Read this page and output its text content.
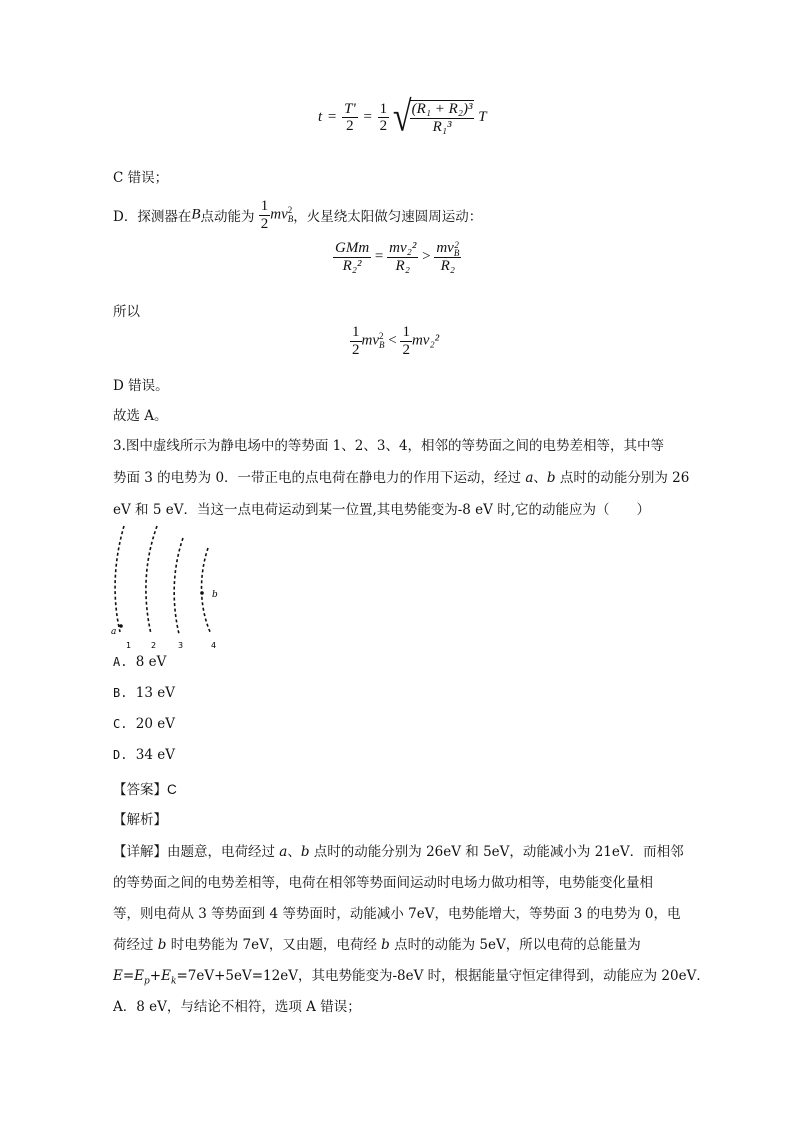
$t = \frac{T'}{2} = \frac{1}{2}$ √
$\frac{\text{(R₁ + R₂)³}}{\text{R₁³}}$ T
C 错误；
D．探测器在B点动能为 $\frac{1}{2}$ mv 2
B ，火星绕太阳做匀速圆周运动：
$\frac{\text{GMm}}{\text{R₂²}} = \frac{\text{mv₂²}}{\text{R₂}}$ > mv 2
B
R₂
所以
$\frac{1}{2}$ mv 2
$B < \frac{1}{2} mv_2^2$
D 错误。
故选 A。
3.图中虚线所示为静电场中的等势面 1、2、3、4，相邻的等势面之间的电势差相等，其中等
势面 3 的电势为 0．一带正电的点电荷在静电力的作用下运动，经过 a、b 点时的动能分别为 26
eV 和 5 eV．当这一点电荷运动到某一位置,其电势能变为-8 eV 时,它的动能应为（　　）
a
b
1 2	3	4
A. 8 eV
B. 13 eV
C. 20 eV
D. 34 eV
【答案】C
【解析】
【详解】由题意，电荷经过 a、b 点时的动能分别为 26eV 和 5eV，动能减小为 21eV．而相邻
的等势面之间的电势差相等，电荷在相邻等势面间运动时电场力做功相等，电势能变化量相
等，则电荷从 3 等势面到 4 等势面时，动能减小 7eV，电势能增大，等势面 3 的电势为 0，电
荷经过 b 时电势能为 7eV，又由题，电荷经 b 点时的动能为 5eV，所以电荷的总能量为
$E=E_p+E_k=7eV+5eV=12eV$，其电势能变为-8eV 时，根据能量守恒定律得到，动能应为 20eV．
A．8 eV，与结论不相符，选项 A 错误；
